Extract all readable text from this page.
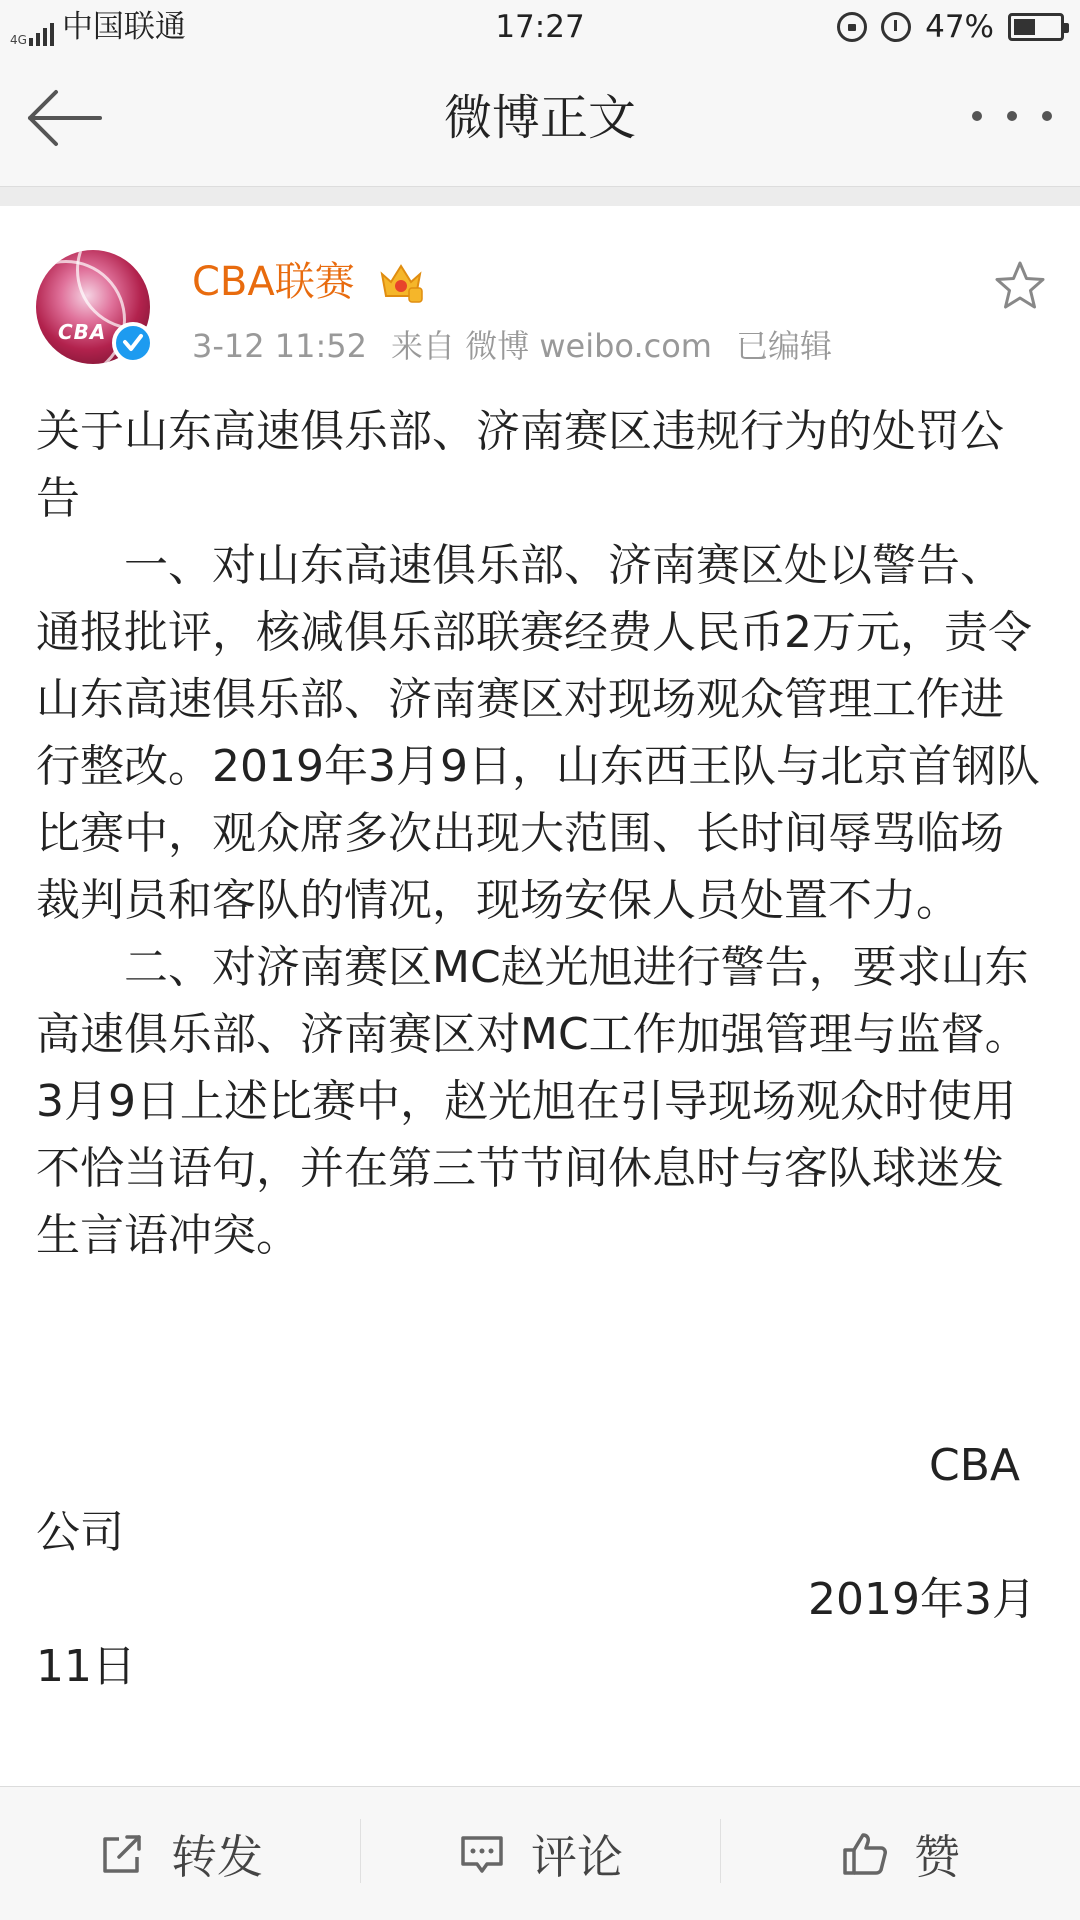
4G 中国联通	17:27	47%
微博正文
CBA
CBA联赛
3-12 11:52 来自 微博 weibo.com 已编辑
关于山东高速俱乐部、济南赛区违规行为的处罚公告

一、对山东高速俱乐部、济南赛区处以警告、通报批评，核减俱乐部联赛经费人民币2万元，责令山东高速俱乐部、济南赛区对现场观众管理工作进行整改。2019年3月9日，山东西王队与北京首钢队比赛中，观众席多次出现大范围、长时间辱骂临场裁判员和客队的情况，现场安保人员处置不力。

二、对济南赛区MC赵光旭进行警告，要求山东高速俱乐部、济南赛区对MC工作加强管理与监督。3月9日上述比赛中，赵光旭在引导现场观众时使用不恰当语句，并在第三节节间休息时与客队球迷发生言语冲突。

CBA
公司
2019年3月
11日
转发	评论	赞
